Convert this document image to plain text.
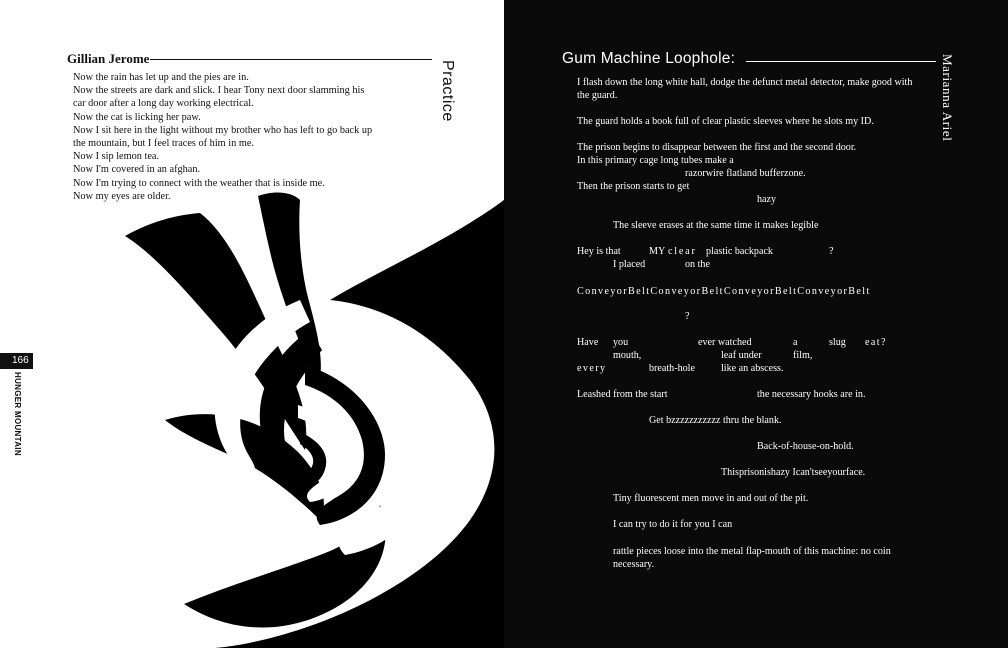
Gillian Jerome
Practice
Now the rain has let up and the pies are in.
Now the streets are dark and slick. I hear Tony next door slamming his
car door after a long day working electrical.
Now the cat is licking her paw.
Now I sit here in the light without my brother who has left to go back up
the mountain, but I feel traces of him in me.
Now I sip lemon tea.
Now I'm covered in an afghan.
Now I'm trying to connect with the weather that is inside me.
Now my eyes are older.
166
HUNGER MOUNTAIN
Gum Machine Loophole:	Marianna Ariel
I flash down the long white hall, dodge the defunct metal detector, make good with
the guard.
The guard holds a book full of clear plastic sleeves where he slots my ID.
The prison begins to disappear between the first and the second door.
In this primary cage long tubes make a
razorwire flatland bufferzone.
Then the prison starts to get
hazy
The sleeve erases at the same time it makes legible
Hey is that	MY clear plastic backpack	?
I placed	on the
ConveyorBeltConveyorBeltConveyorBeltConveyorBelt
?
Have you	ever watched	a	slug eat?
mouth,	leaf under	film,
every	breath-hole	like an abscess.
Leashed from the start	the necessary hooks are in.
Get bzzzzzzzzzzz thru the blank.
Back-of-house-on-hold.
Thisprisonishazy Ican'tseeyourface.
Tiny fluorescent men move in and out of the pit.
I can try to do it for you I can
rattle pieces loose into the metal flap-mouth of this machine: no coin
necessary.
